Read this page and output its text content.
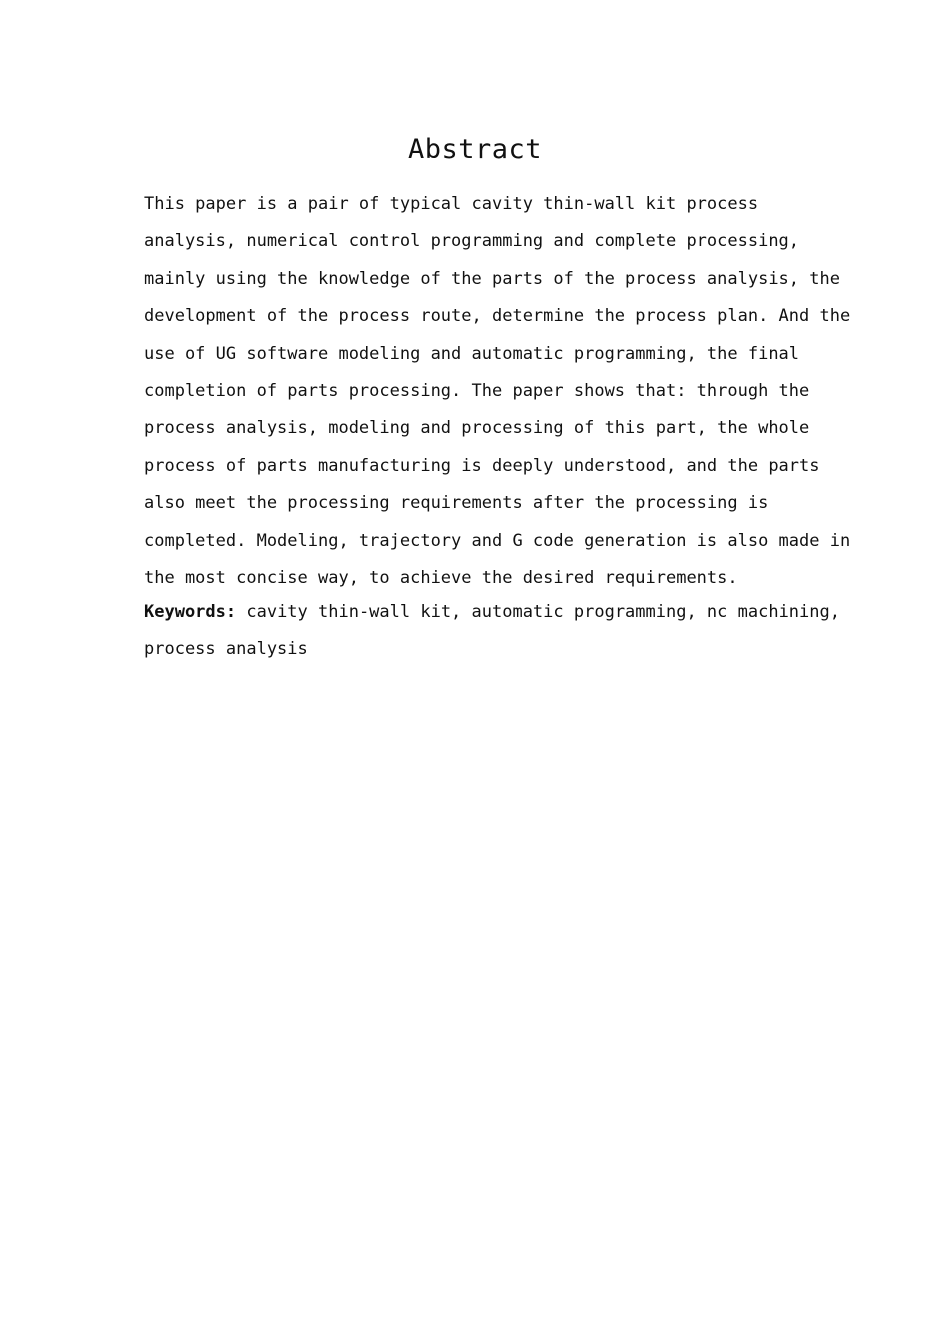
Abstract
This paper is a pair of typical cavity thin-wall kit process
analysis, numerical control programming and complete processing,
mainly using the knowledge of the parts of the process analysis, the
development of the process route, determine the process plan. And the
use of UG software modeling and automatic programming, the final
completion of parts processing. The paper shows that: through the
process analysis, modeling and processing of this part, the whole
process of parts manufacturing is deeply understood, and the parts
also meet the processing requirements after the processing is
completed. Modeling, trajectory and G code generation is also made in
the most concise way, to achieve the desired requirements.
Keywords: cavity thin-wall kit, automatic programming, nc machining,
process analysis
